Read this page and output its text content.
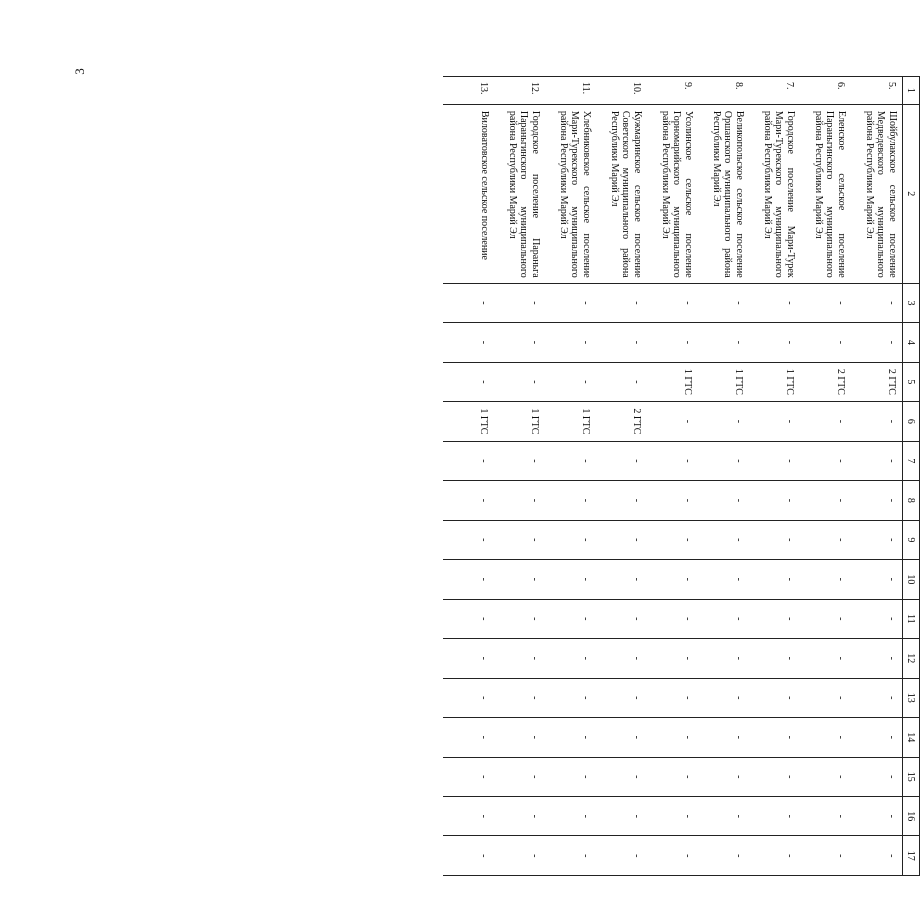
3
1	2	3	4	5	6	7	8	9	10	11	12	13	14	15	16	17
5.	Шойбулакское сельское поселение Медведевского муниципального района Республики Марий Эл	-	-	2 ГТС	-	-	-	-	-	-	-	-	-	-	-	-
6.	Еленское сельское поселение Параньгинского муниципального района Республики Марий Эл	-	-	2 ГТС	-	-	-	-	-	-	-	-	-	-	-	-
7.	Городское поселение Мари-Турек Мари-Турекского муниципального района Республики Марий Эл	-	-	1 ГТС	-	-	-	-	-	-	-	-	-	-	-	-
8.	Великопольское сельское поселение Оршанского муниципального района Республики Марий Эл	-	-	1 ГТС	-	-	-	-	-	-	-	-	-	-	-	-
9.	Усолинское сельское поселение Горномарийского муниципального района Республики Марий Эл	-	-	1 ГТС	-	-	-	-	-	-	-	-	-	-	-	-
10.	Кужмаринское сельское поселение Советского муниципального района Республики Марий Эл	-	-	-	2 ГТС	-	-	-	-	-	-	-	-	-	-	-
11.	Хлебниковское сельское поселение Мари-Турекского муниципального района Республики Марий Эл	-	-	-	1 ГТС	-	-	-	-	-	-	-	-	-	-	-
12.	Городское поселение Параньга Параньгинского муниципального района Республики Марий Эл	-	-	-	1 ГТС	-	-	-	-	-	-	-	-	-	-	-
13.	Виловатовское сельское поселение	-	-	-	1 ГТС	-	-	-	-	-	-	-	-	-	-	-
